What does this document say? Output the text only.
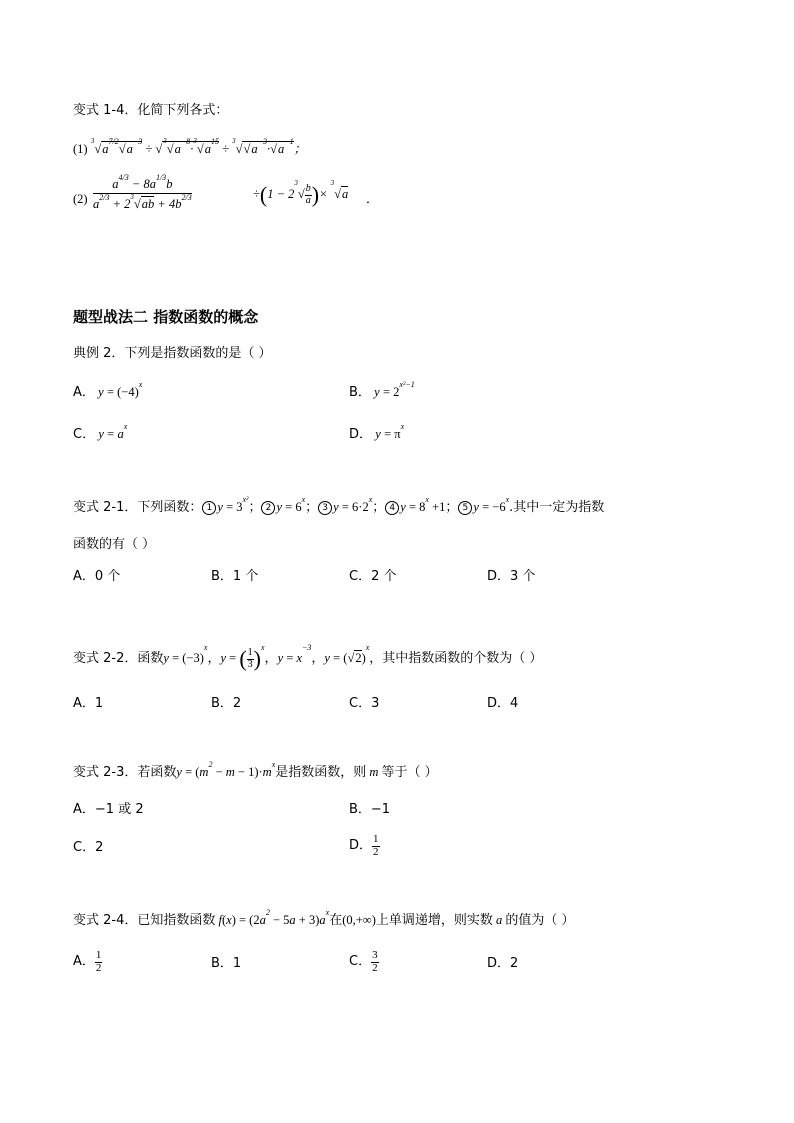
变式 1-4．化简下列各式：
(1) $^3√a^{7/2}√a^{-3} \div √^3√a^{-8}\cdot^3√a^{15} \div ^3√√a^{-3}\cdot√a^{-1}$；
(2)
$a^{4/3} - 8a^{1/3}b$
$a^{2/3} + 2^3√ab + 4b^{2/3}$	$\div(1 - 2^3√ \frac{b}{a}$ )× $^3$√a ．
题型战法二 指数函数的概念
典例 2．下列是指数函数的是（ ）
A． $y = (-4)^x$
B． $y = 2^{x^2-1}$
C． $y = a^x$
D． $y = \pi^x$
变式 2-1．下列函数： 1 $y = 3^{x^2}$； 2 $y = 6^x$； 3 $y = 6\cdot 2^x$； 4 $y = 8^x +1$； 5 $y = -6^x$.其中一定为指数
函数的有（ ）
A．0 个	B．1 个	C．2 个	D．3 个
变式 2-2．函数$y = (-3)^x$，y = ( $\frac{1}{3} )^x$，$y = x^{-3}$，$y = (√2)^x$，其中指数函数的个数为（ ）
A．1	B．2	C．3	D．4
变式 2-3．若函数$y = (m^2 - m - 1)\cdot m^x$是指数函数，则 m 等于（ ）
A．−1 或 2	B．−1
C．2	D． $\frac{1}{2}$
变式 2-4．已知指数函数 $f(x) = (2a^2 - 5a + 3)a^x$在(0,+∞)上单调递增，则实数 a 的值为（ ）
A． $\frac{1}{2}$	B．1	C． $\frac{3}{2}$	D．2
